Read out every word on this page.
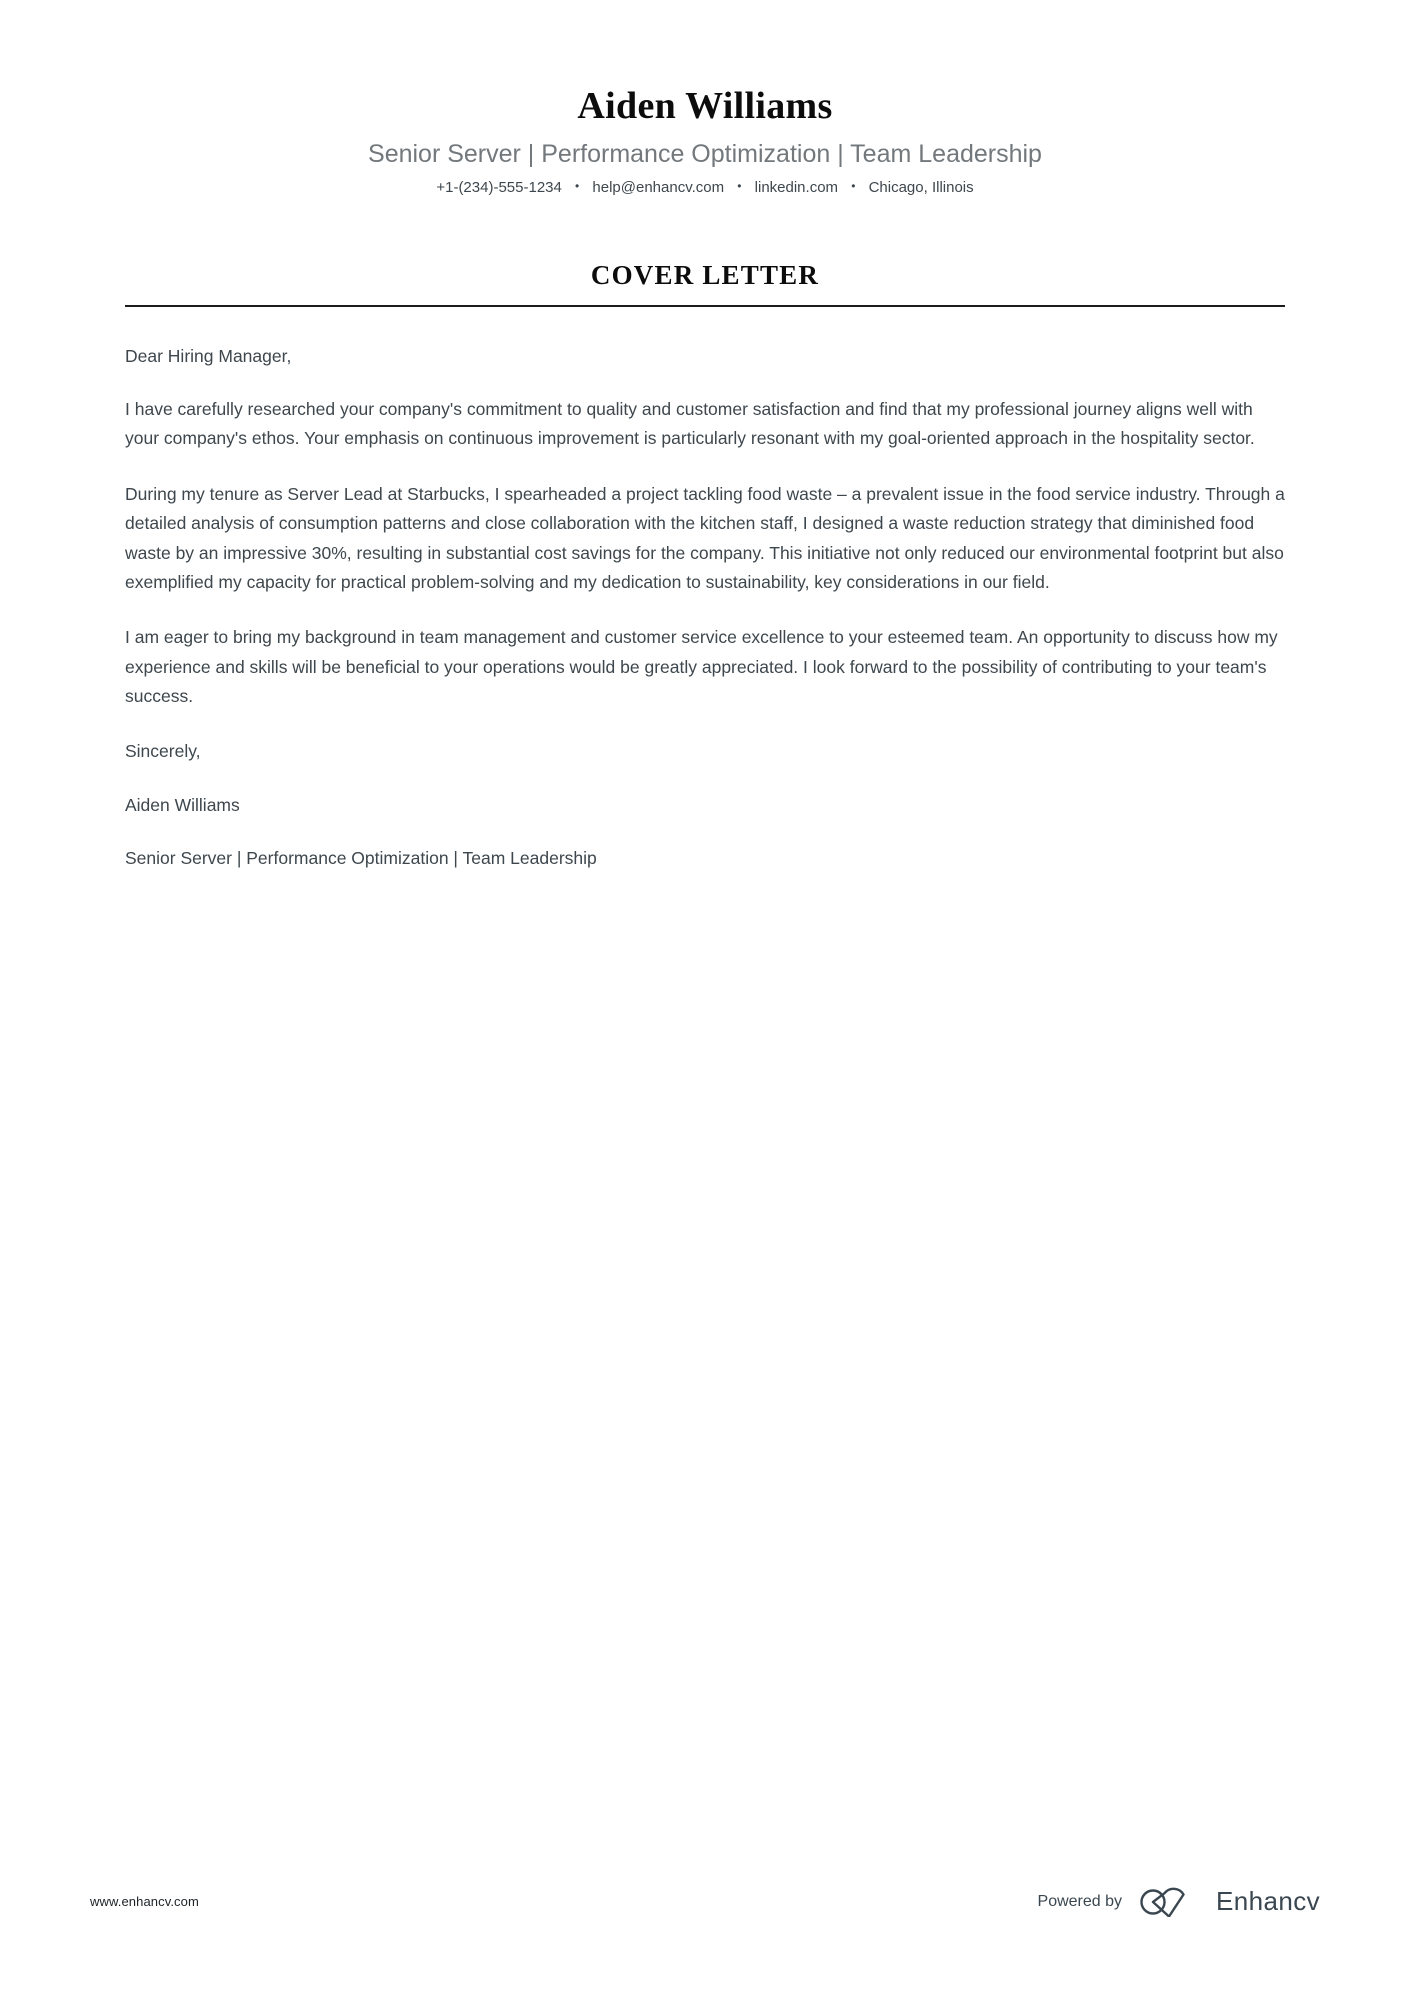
Aiden Williams
Senior Server | Performance Optimization | Team Leadership
+1-(234)-555-1234 • help@enhancv.com • linkedin.com • Chicago, Illinois
COVER LETTER

Dear Hiring Manager,

I have carefully researched your company's commitment to quality and customer satisfaction and find that my professional journey aligns well with your company's ethos. Your emphasis on continuous improvement is particularly resonant with my goal-oriented approach in the hospitality sector.

During my tenure as Server Lead at Starbucks, I spearheaded a project tackling food waste – a prevalent issue in the food service industry. Through a detailed analysis of consumption patterns and close collaboration with the kitchen staff, I designed a waste reduction strategy that diminished food waste by an impressive 30%, resulting in substantial cost savings for the company. This initiative not only reduced our environmental footprint but also exemplified my capacity for practical problem-solving and my dedication to sustainability, key considerations in our field.

I am eager to bring my background in team management and customer service excellence to your esteemed team. An opportunity to discuss how my experience and skills will be beneficial to your operations would be greatly appreciated. I look forward to the possibility of contributing to your team's success.

Sincerely,

Aiden Williams

Senior Server | Performance Optimization | Team Leadership

www.enhancv.com	Powered by	Enhancv
